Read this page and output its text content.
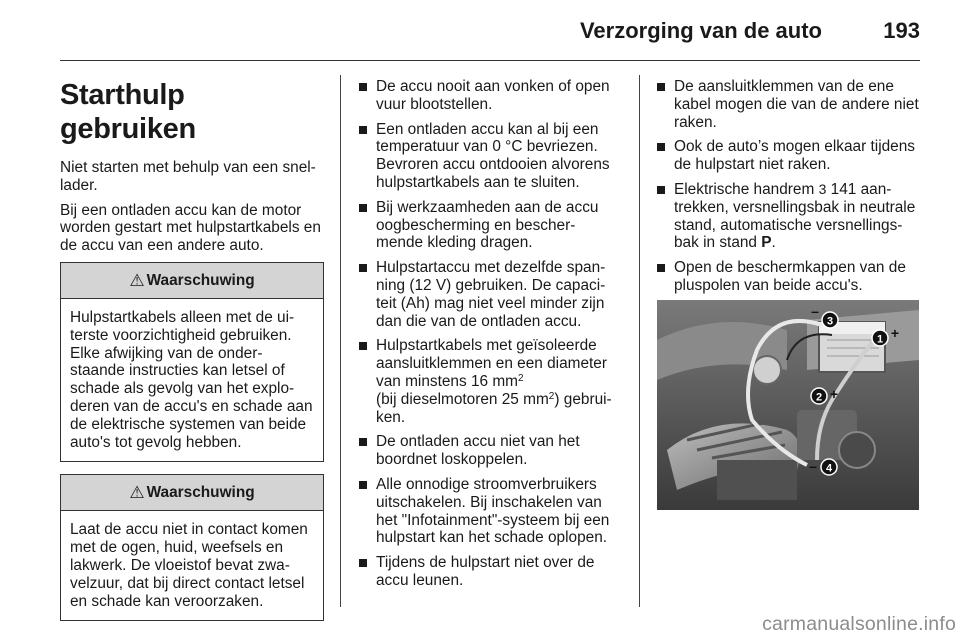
Verzorging van de auto	193
Starthulp gebruiken

Niet starten met behulp van een snel- lader.

Bij een ontladen accu kan de motor worden gestart met hulpstartkabels en de accu van een andere auto.

⚠ Waarschuwing
Hulpstartkabels alleen met de ui- terste voorzichtigheid gebruiken. Elke afwijking van de onder- staande instructies kan letsel of schade als gevolg van het explo- deren van de accu's en schade aan de elektrische systemen van beide auto's tot gevolg hebben.
⚠ Waarschuwing
Laat de accu niet in contact komen met de ogen, huid, weefsels en lakwerk. De vloeistof bevat zwa- velzuur, dat bij direct contact letsel en schade kan veroorzaken.
De accu nooit aan vonken of open vuur blootstellen.
Een ontladen accu kan al bij een temperatuur van 0 °C bevriezen. Bevroren accu ontdooien alvorens hulpstartkabels aan te sluiten.
Bij werkzaamheden aan de accu oogbescherming en bescher- mende kleding dragen.
Hulpstartaccu met dezelfde span- ning (12 V) gebruiken. De capaci- teit (Ah) mag niet veel minder zijn dan die van de ontladen accu.
Hulpstartkabels met geïsoleerde aansluitklemmen en een diameter van minstens 16 $mm^2$
(bij dieselmotoren 25 $mm^2$) gebrui- ken.
De ontladen accu niet van het boordnet loskoppelen.
Alle onnodige stroomverbruikers uitschakelen. Bij inschakelen van het "Infotainment"-systeem bij een hulpstart kan het schade oplopen.
Tijdens de hulpstart niet over de accu leunen.
De aansluitklemmen van de ene kabel mogen die van de andere niet raken.
Ook de auto’s mogen elkaar tijdens de hulpstart niet raken.
Elektrische handrem 3 141 aan- trekken, versnellingsbak in neutrale stand, automatische versnellings- bak in stand P.
Open de beschermkappen van de pluspolen van beide accu's.
3
–
1 +
2 +
4
–
carmanualsonline.info
